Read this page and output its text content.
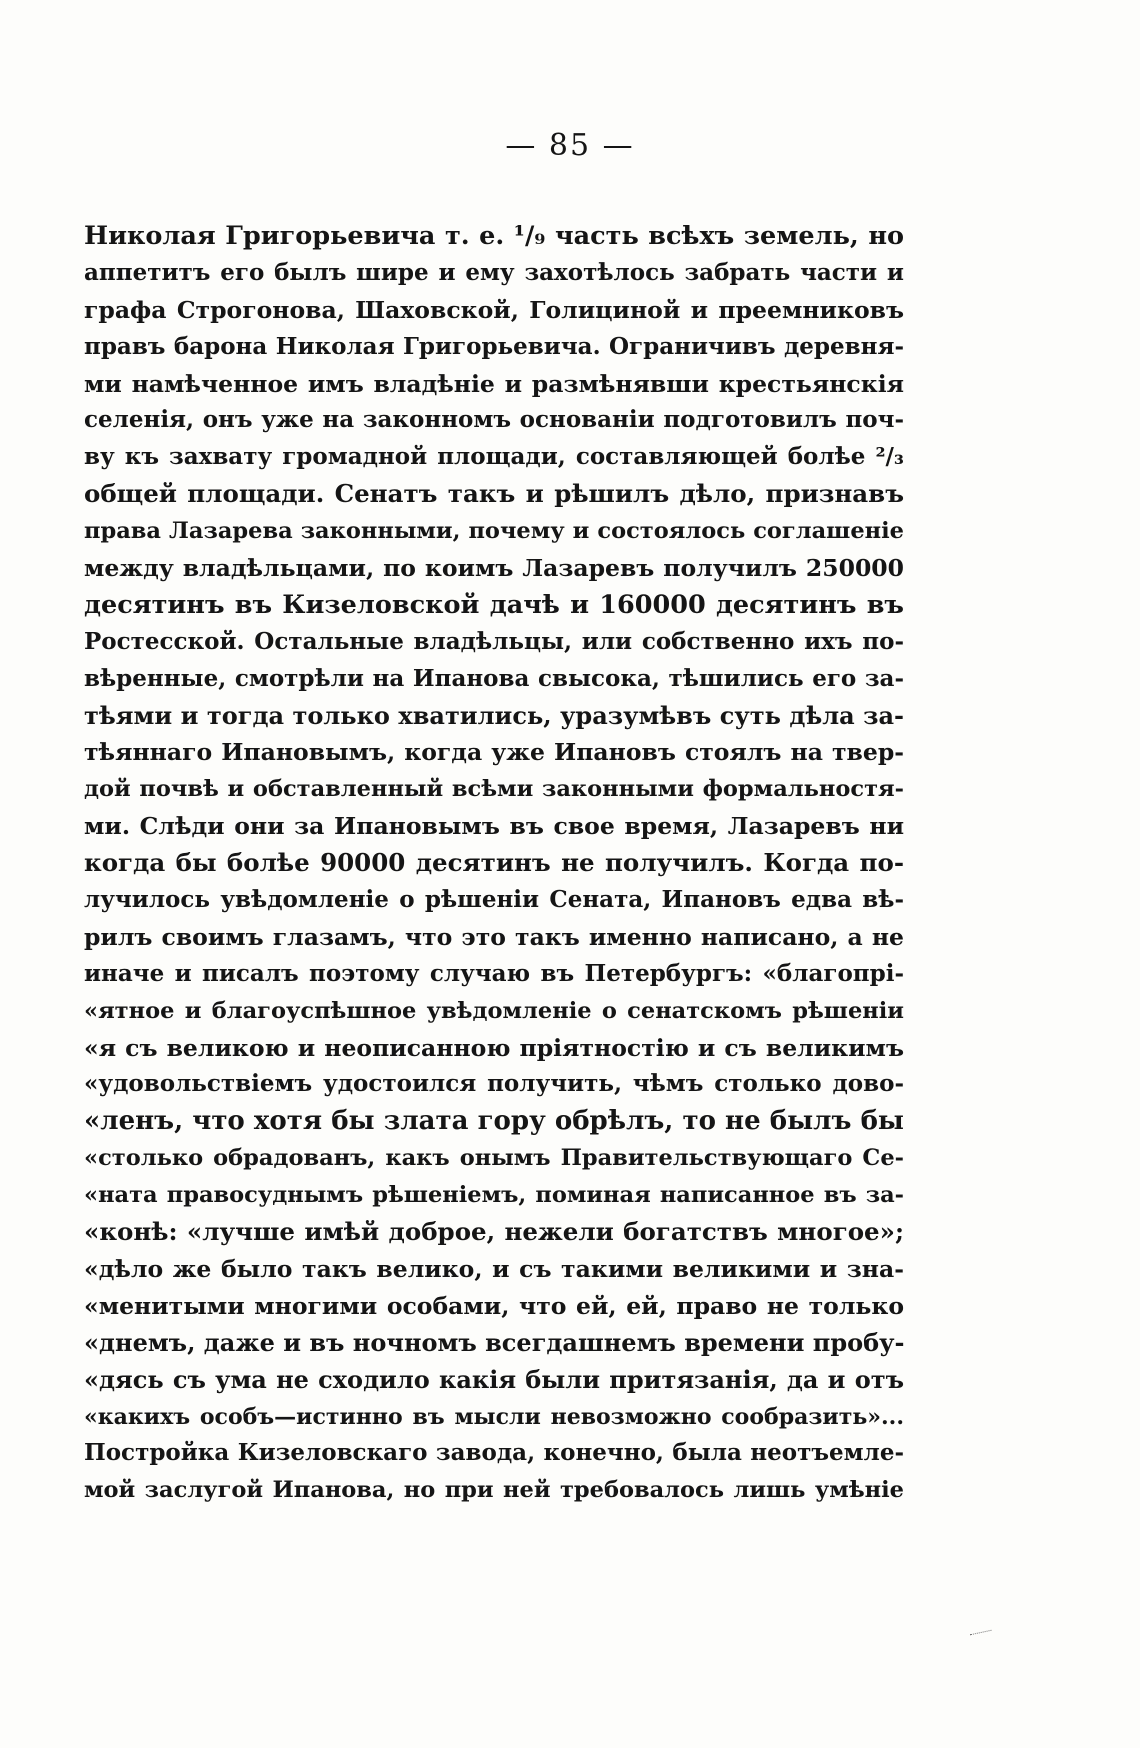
— 85 —
Николая Григорьевича т. е. ¹/₉ часть всѣхъ земель, но
аппетитъ его былъ шире и ему захотѣлось забрать части и
графа Строгонова, Шаховской, Голициной и преемниковъ
правъ барона Николая Григорьевича. Ограничивъ деревня-
ми намѣченное имъ владѣніе и размѣнявши крестьянскія
селенія, онъ уже на законномъ основаніи подготовилъ поч-
ву къ захвату громадной площади, составляющей болѣе ²/₃
общей площади. Сенатъ такъ и рѣшилъ дѣло, признавъ
права Лазарева законными, почему и состоялось соглашеніе
между владѣльцами, по коимъ Лазаревъ получилъ 250000
десятинъ въ Кизеловской дачѣ и 160000 десятинъ въ
Ростесской. Остальные владѣльцы, или собственно ихъ по-
вѣренные, смотрѣли на Ипанова свысока, тѣшились его за-
тѣями и тогда только хватились, уразумѣвъ суть дѣла за-
тѣяннаго Ипановымъ, когда уже Ипановъ стоялъ на твер-
дой почвѣ и обставленный всѣми законными формальностя-
ми. Слѣди они за Ипановымъ въ свое время, Лазаревъ ни
когда бы болѣе 90000 десятинъ не получилъ. Когда по-
лучилось увѣдомленіе о рѣшеніи Сената, Ипановъ едва вѣ-
рилъ своимъ глазамъ, что это такъ именно написано, а не
иначе и писалъ поэтому случаю въ Петербургъ: «благопрі-
«ятное и благоуспѣшное увѣдомленіе о сенатскомъ рѣшеніи
«я съ великою и неописанною пріятностію и съ великимъ
«удовольствіемъ удостоился получить, чѣмъ столько дово-
«ленъ, что хотя бы злата гору обрѣлъ, то не былъ бы
«столько обрадованъ, какъ онымъ Правительствующаго Се-
«ната правосуднымъ рѣшеніемъ, поминая написанное въ за-
«конѣ: «лучше имѣй доброе, нежели богатствъ многое»;
«дѣло же было такъ велико, и съ такими великими и зна-
«менитыми многими особами, что ей, ей, право не только
«днемъ, даже и въ ночномъ всегдашнемъ времени пробу-
«дясь съ ума не сходило какія были притязанія, да и отъ
«какихъ особъ—истинно въ мысли невозможно сообразить»...
Постройка Кизеловскаго завода, конечно, была неотъемле-
мой заслугой Ипанова, но при ней требовалось лишь умѣніе
